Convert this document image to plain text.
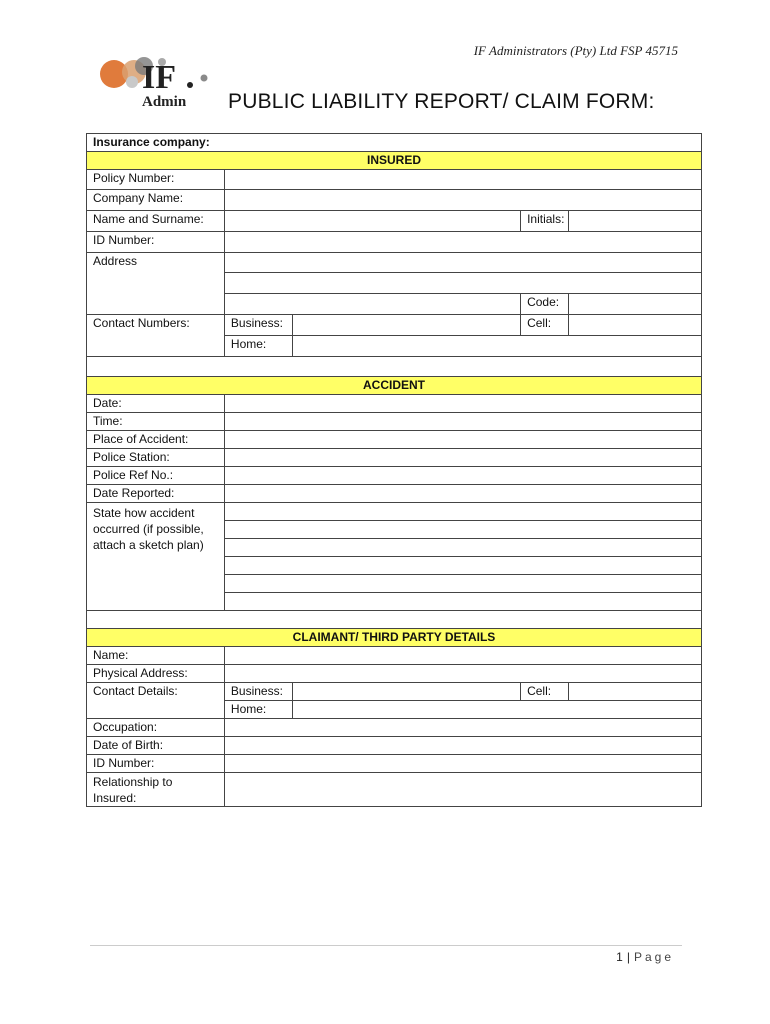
IF Administrators (Pty) Ltd FSP 45715
IF
Admin PUBLIC LIABILITY REPORT/ CLAIM FORM:
Insurance company:				
INSURED				
Policy Number:				
Company Name:				
Name and Surname:			Initials:	
ID Number:				
Address				

			Code:	
Contact Numbers:	Business:		Cell:	
	Home:			

ACCIDENT				
Date:				
Time:				
Place of Accident:				
Police Station:				
Police Ref No.:				
Date Reported:				
State how accident occurred (if possible, attach a sketch plan)				

CLAIMANT/ THIRD PARTY DETAILS				
Name:				
Physical Address:				
Contact Details:	Business:		Cell:	
	Home:			
Occupation:				
Date of Birth:				
ID Number:				
Relationship to Insured:				
1 | Page
